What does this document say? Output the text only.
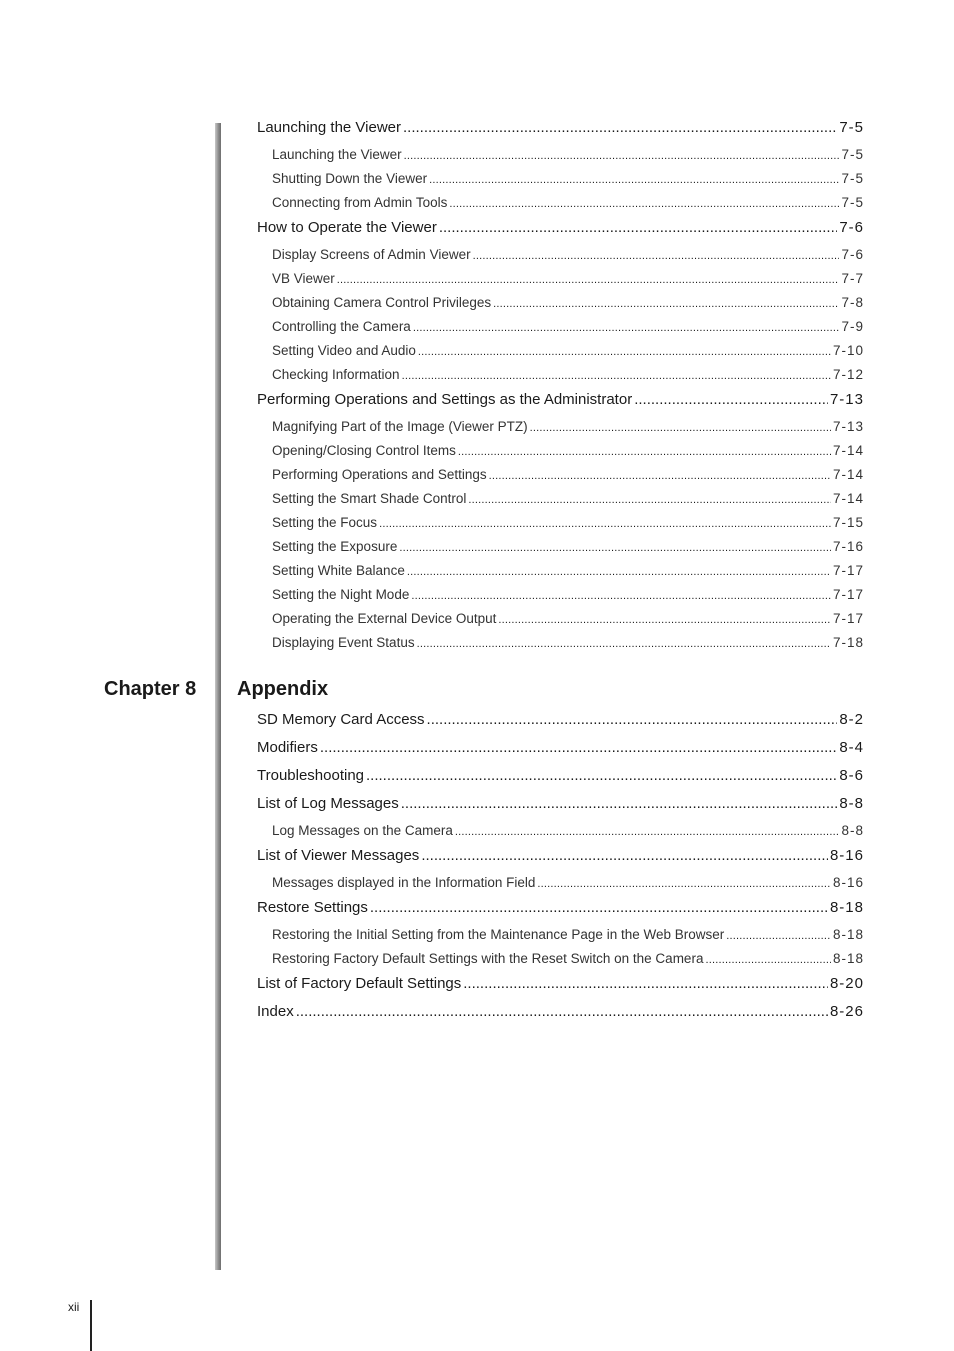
Launching the Viewer .....	7-5
Launching the Viewer .....	7-5
Shutting Down the Viewer .....	7-5
Connecting from Admin Tools .....	7-5
How to Operate the Viewer .....	7-6
Display Screens of Admin Viewer .....	7-6
VB Viewer .....	7-7
Obtaining Camera Control Privileges .....	7-8
Controlling the Camera .....	7-9
Setting Video and Audio .....	7-10
Checking Information .....	7-12
Performing Operations and Settings as the Administrator .....	7-13
Magnifying Part of the Image (Viewer PTZ) .....	7-13
Opening/Closing Control Items .....	7-14
Performing Operations and Settings .....	7-14
Setting the Smart Shade Control .....	7-14
Setting the Focus .....	7-15
Setting the Exposure .....	7-16
Setting White Balance .....	7-17
Setting the Night Mode .....	7-17
Operating the External Device Output .....	7-17
Displaying Event Status .....	7-18
Chapter 8 Appendix
SD Memory Card Access .....	8-2
Modifiers .....	8-4
Troubleshooting .....	8-6
List of Log Messages .....	8-8
Log Messages on the Camera .....	8-8
List of Viewer Messages .....	8-16
Messages displayed in the Information Field .....	8-16
Restore Settings .....	8-18
Restoring the Initial Setting from the Maintenance Page in the Web Browser .....	8-18
Restoring Factory Default Settings with the Reset Switch on the Camera .....	8-18
List of Factory Default Settings .....	8-20
Index .....	8-26
xii
